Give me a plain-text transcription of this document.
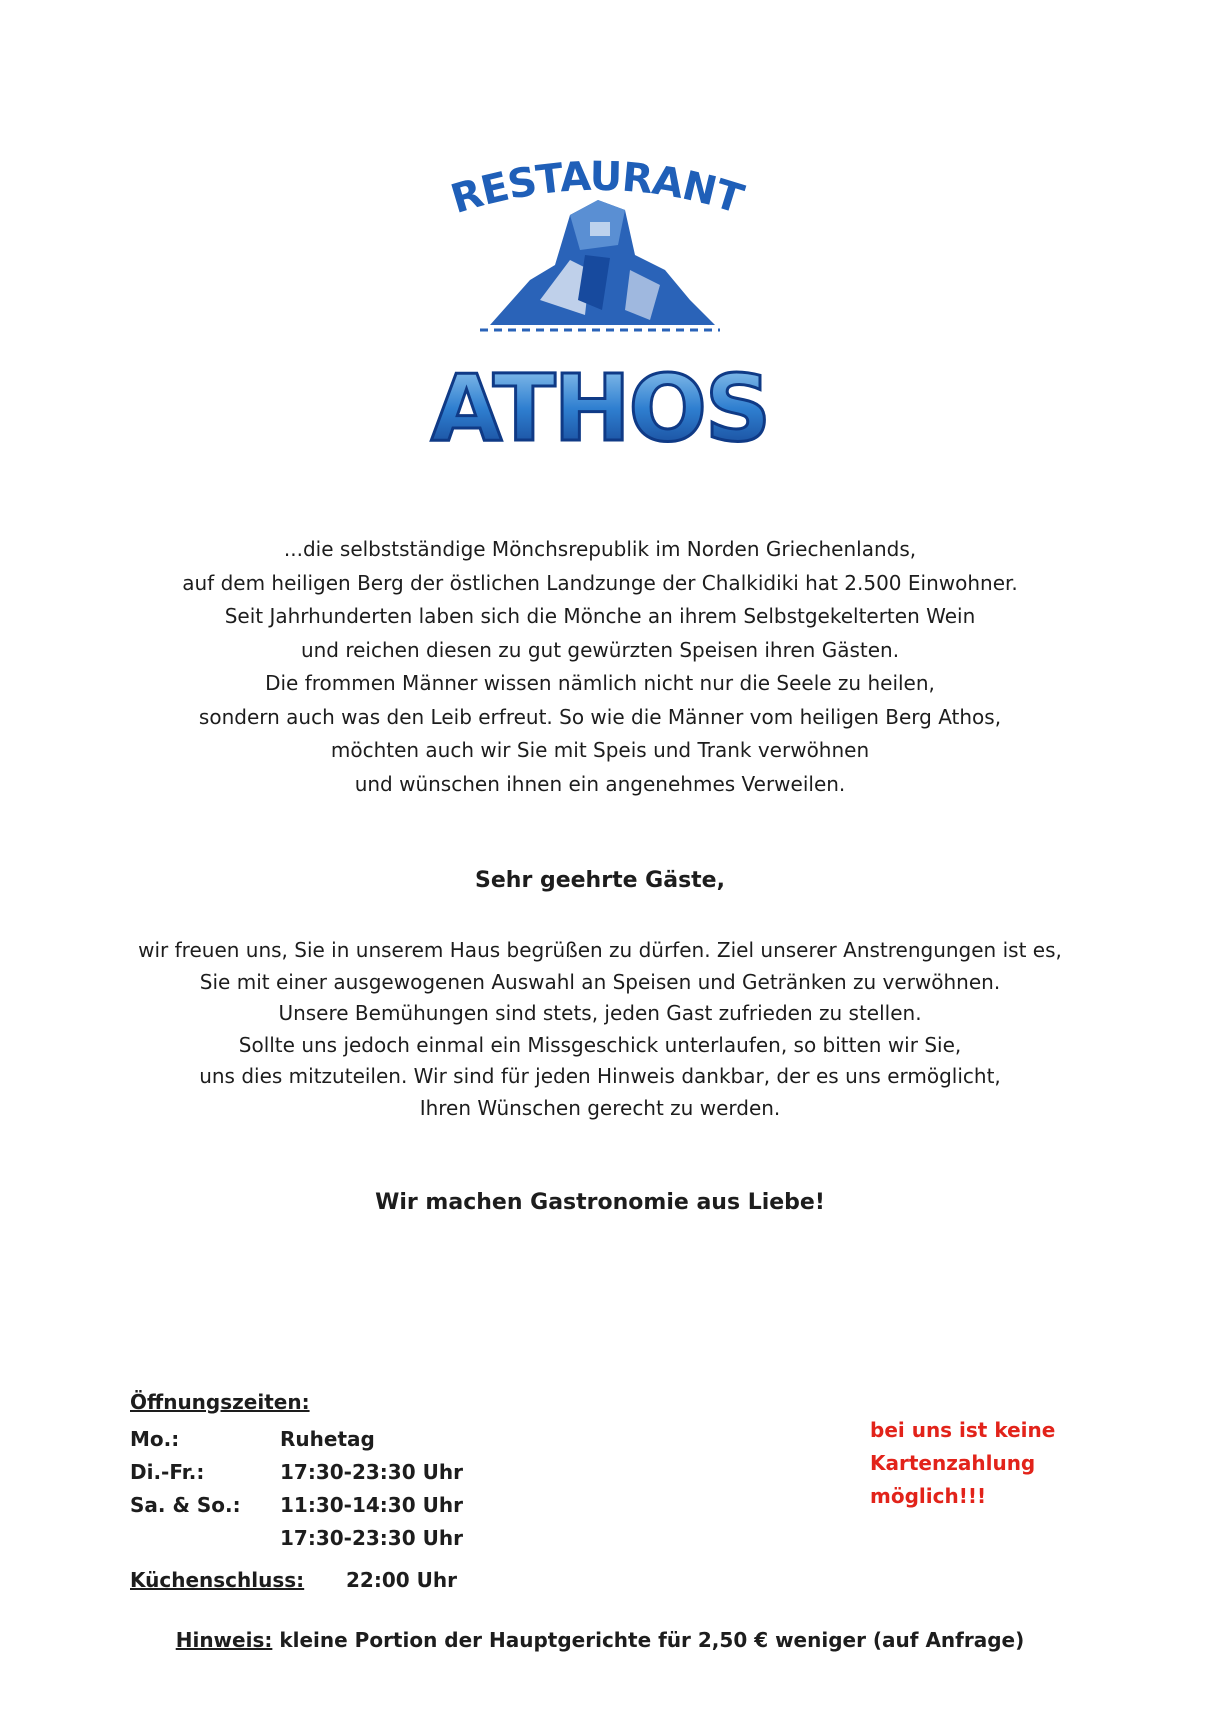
RESTAURANT
ATHOS
...die selbstständige Mönchsrepublik im Norden Griechenlands,
auf dem heiligen Berg der östlichen Landzunge der Chalkidiki hat 2.500 Einwohner.
Seit Jahrhunderten laben sich die Mönche an ihrem Selbstgekelterten Wein
und reichen diesen zu gut gewürzten Speisen ihren Gästen.
Die frommen Männer wissen nämlich nicht nur die Seele zu heilen,
sondern auch was den Leib erfreut. So wie die Männer vom heiligen Berg Athos,
möchten auch wir Sie mit Speis und Trank verwöhnen
und wünschen ihnen ein angenehmes Verweilen.
Sehr geehrte Gäste,
wir freuen uns, Sie in unserem Haus begrüßen zu dürfen. Ziel unserer Anstrengungen ist es,
Sie mit einer ausgewogenen Auswahl an Speisen und Getränken zu verwöhnen.
Unsere Bemühungen sind stets, jeden Gast zufrieden zu stellen.
Sollte uns jedoch einmal ein Missgeschick unterlaufen, so bitten wir Sie,
uns dies mitzuteilen. Wir sind für jeden Hinweis dankbar, der es uns ermöglicht,
Ihren Wünschen gerecht zu werden.
Wir machen Gastronomie aus Liebe!
Öffnungszeiten:
Mo.:	Ruhetag
Di.-Fr.:	17:30-23:30 Uhr
Sa. & So.:	11:30-14:30 Uhr
17:30-23:30 Uhr
Küchenschluss:	22:00 Uhr
bei uns ist keine
Kartenzahlung
möglich!!!
Hinweis: kleine Portion der Hauptgerichte für 2,50 € weniger (auf Anfrage)
